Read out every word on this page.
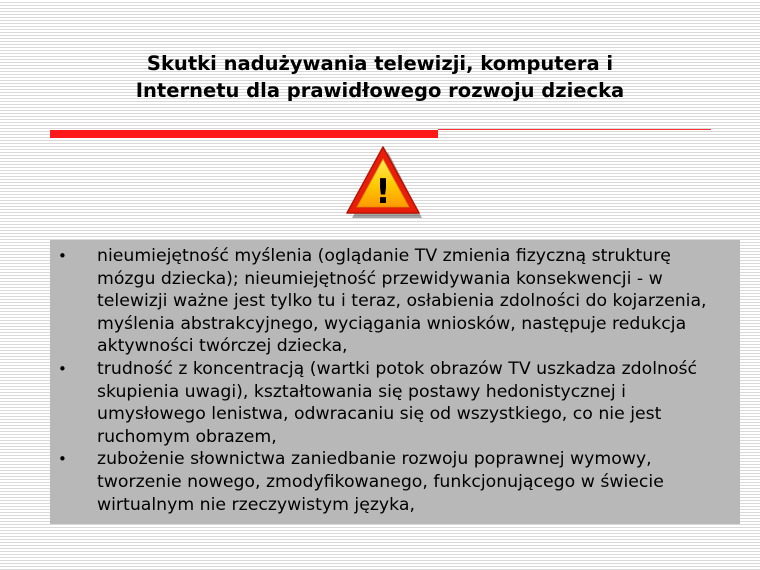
Skutki nadużywania telewizji, komputera i
Internetu dla prawidłowego rozwoju dziecka
!
• nieumiejętność myślenia (oglądanie TV zmienia fizyczną strukturę mózgu dziecka); nieumiejętność przewidywania konsekwencji - w telewizji ważne jest tylko tu i teraz, osłabienia zdolności do kojarzenia, myślenia abstrakcyjnego, wyciągania wniosków, następuje redukcja aktywności twórczej dziecka,
• trudność z koncentracją (wartki potok obrazów TV uszkadza zdolność skupienia uwagi), kształtowania się postawy hedonistycznej i umysłowego lenistwa, odwracaniu się od wszystkiego, co nie jest ruchomym obrazem,
• zubożenie słownictwa zaniedbanie rozwoju poprawnej wymowy, tworzenie nowego, zmodyfikowanego, funkcjonującego w świecie wirtualnym nie rzeczywistym języka,
